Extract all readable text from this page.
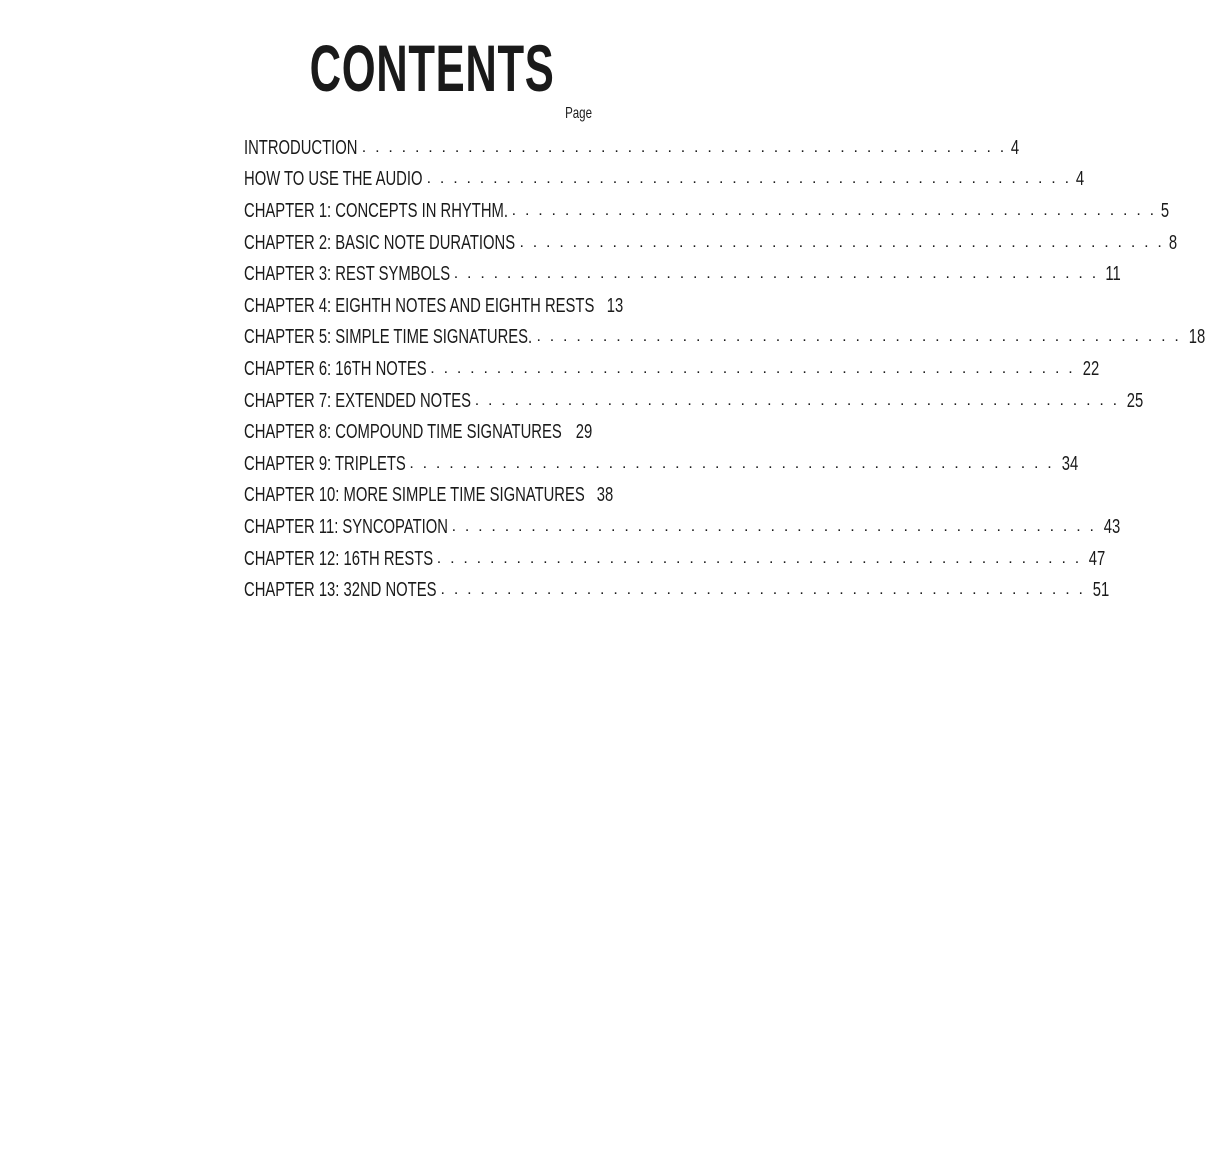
CONTENTS
Page
INTRODUCTION . . . . . . . . . . . . . . . . . . . . . . . . . . . . . . . . . . . . . . . . . . . . . . . . . 4
HOW TO USE THE AUDIO . . . . . . . . . . . . . . . . . . . . . . . . . . . . . . . . . . . . . . . . . . . . . . . . . 4
CHAPTER 1: CONCEPTS IN RHYTHM. . . . . . . . . . . . . . . . . . . . . . . . . . . . . . . . . . . . . . . . . . . . . . . . . . 5
CHAPTER 2: BASIC NOTE DURATIONS . . . . . . . . . . . . . . . . . . . . . . . . . . . . . . . . . . . . . . . . . . . . . . . . . 8
CHAPTER 3: REST SYMBOLS . . . . . . . . . . . . . . . . . . . . . . . . . . . . . . . . . . . . . . . . . . . . . . . . . 11
CHAPTER 4: EIGHTH NOTES AND EIGHTH RESTS 13
CHAPTER 5: SIMPLE TIME SIGNATURES. . . . . . . . . . . . . . . . . . . . . . . . . . . . . . . . . . . . . . . . . . . . . . . . . . 18
CHAPTER 6: 16TH NOTES . . . . . . . . . . . . . . . . . . . . . . . . . . . . . . . . . . . . . . . . . . . . . . . . . 22
CHAPTER 7: EXTENDED NOTES . . . . . . . . . . . . . . . . . . . . . . . . . . . . . . . . . . . . . . . . . . . . . . . . . 25
CHAPTER 8: COMPOUND TIME SIGNATURES 29
CHAPTER 9: TRIPLETS . . . . . . . . . . . . . . . . . . . . . . . . . . . . . . . . . . . . . . . . . . . . . . . . . 34
CHAPTER 10: MORE SIMPLE TIME SIGNATURES 38
CHAPTER 11: SYNCOPATION . . . . . . . . . . . . . . . . . . . . . . . . . . . . . . . . . . . . . . . . . . . . . . . . . 43
CHAPTER 12: 16TH RESTS . . . . . . . . . . . . . . . . . . . . . . . . . . . . . . . . . . . . . . . . . . . . . . . . . 47
CHAPTER 13: 32ND NOTES . . . . . . . . . . . . . . . . . . . . . . . . . . . . . . . . . . . . . . . . . . . . . . . . . 51
